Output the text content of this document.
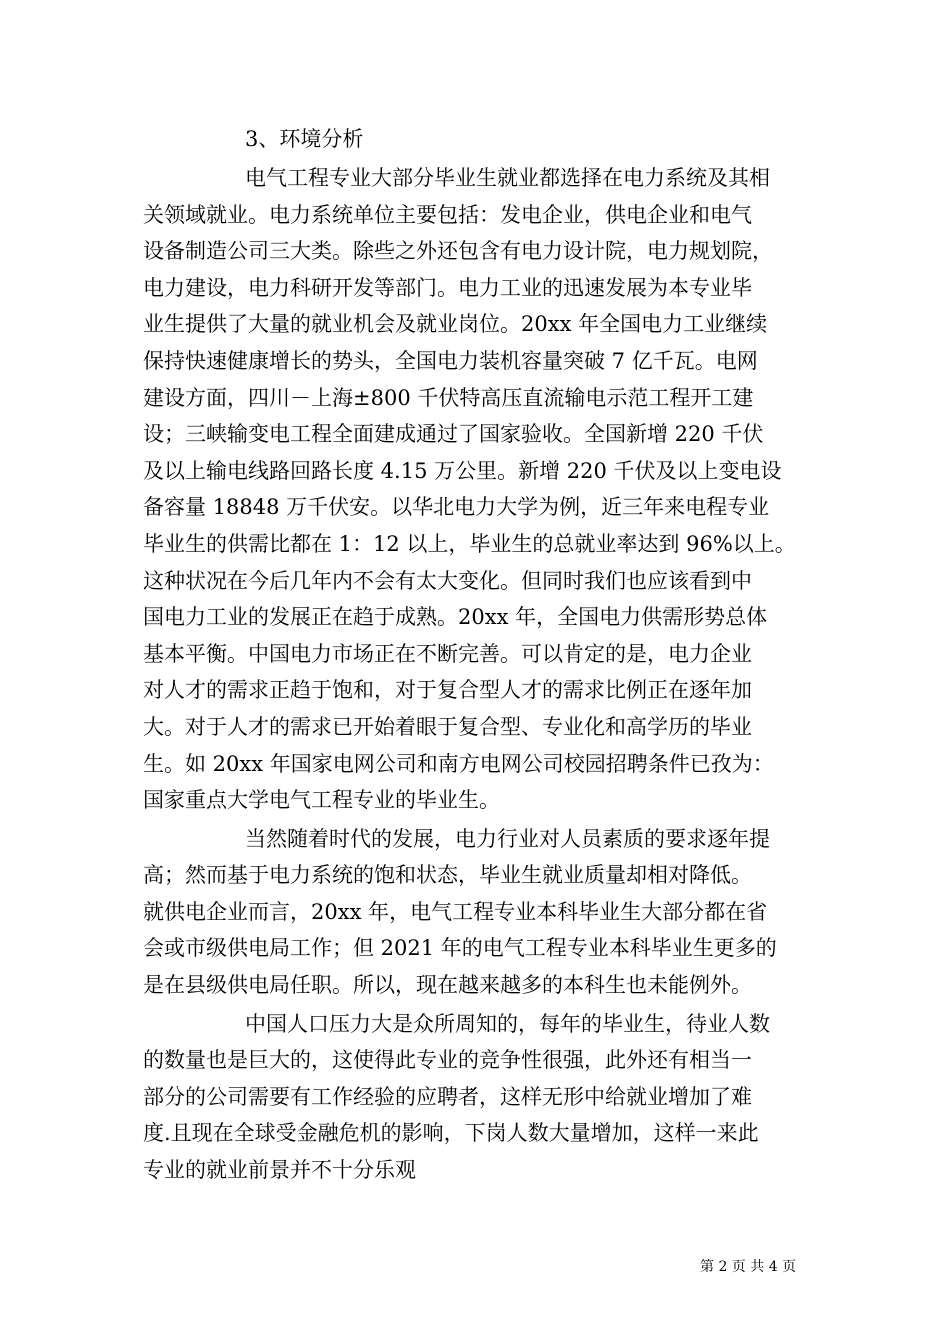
3、环境分析
电气工程专业大部分毕业生就业都选择在电力系统及其相
关领域就业。电力系统单位主要包括：发电企业，供电企业和电气
设备制造公司三大类。除些之外还包含有电力设计院，电力规划院，
电力建设，电力科研开发等部门。电力工业的迅速发展为本专业毕
业生提供了大量的就业机会及就业岗位。20xx 年全国电力工业继续
保持快速健康增长的势头，全国电力装机容量突破 7 亿千瓦。电网
建设方面，四川－上海±800 千伏特高压直流输电示范工程开工建
设；三峡输变电工程全面建成通过了国家验收。全国新增 220 千伏
及以上输电线路回路长度 4.15 万公里。新增 220 千伏及以上变电设
备容量 18848 万千伏安。以华北电力大学为例，近三年来电程专业
毕业生的供需比都在 1：12 以上，毕业生的总就业率达到 96%以上。
这种状况在今后几年内不会有太大变化。但同时我们也应该看到中
国电力工业的发展正在趋于成熟。20xx 年，全国电力供需形势总体
基本平衡。中国电力市场正在不断完善。可以肯定的是，电力企业
对人才的需求正趋于饱和，对于复合型人才的需求比例正在逐年加
大。对于人才的需求已开始着眼于复合型、专业化和高学历的毕业
生。如 20xx 年国家电网公司和南方电网公司校园招聘条件已孜为：
国家重点大学电气工程专业的毕业生。
当然随着时代的发展，电力行业对人员素质的要求逐年提
高；然而基于电力系统的饱和状态，毕业生就业质量却相对降低。
就供电企业而言，20xx 年，电气工程专业本科毕业生大部分都在省
会或市级供电局工作；但 2021 年的电气工程专业本科毕业生更多的
是在县级供电局任职。所以，现在越来越多的本科生也未能例外。
中国人口压力大是众所周知的，每年的毕业生，待业人数
的数量也是巨大的，这使得此专业的竞争性很强，此外还有相当一
部分的公司需要有工作经验的应聘者，这样无形中给就业增加了难
度.且现在全球受金融危机的影响，下岗人数大量增加，这样一来此
专业的就业前景并不十分乐观
第 2 页 共 4 页
